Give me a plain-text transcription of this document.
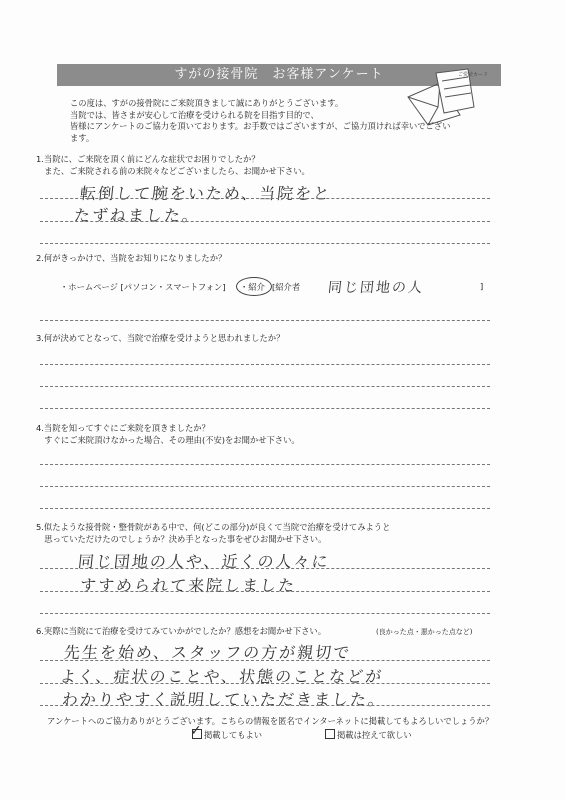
すがの接骨院　お客様アンケート	ご愛読カード
この度は、すがの接骨院にご来院頂きまして誠にありがとうございます。
当院では、皆さまが安心して治療を受けられる院を目指す目的で、
皆様にアンケートのご協力を頂いております。お手数ではございますが、ご協力頂ければ幸いでござい
ます。
1.当院に、ご来院を頂く前にどんな症状でお困りでしたか？
　また、ご来院される前の来院々などございましたら、お聞かせ下さい。
転倒して腕をいため、当院をと
たずねました。
2.何がきっかけで、当院をお知りになりましたか？
・ホームページ [パソコン・スマートフォン] ・紹介 [紹介者 同じ団地の人	]
3.何が決めてとなって、当院で治療を受けようと思われましたか？
4.当院を知ってすぐにご来院を頂きましたか？
　すぐにご来院頂けなかった場合、その理由(不安)をお聞かせ下さい。
5.似たような接骨院・整骨院がある中で、何(どこの部分)が良くて当院で治療を受けてみようと
　思っていただけたのでしょうか？決め手となった事をぜひお聞かせ下さい。
同じ団地の人や、近くの人々に
すすめられて来院しました
6.実際に当院にて治療を受けてみていかがでしたか？感想をお聞かせ下さい。	(良かった点・悪かった点など)
先生を始め、スタッフの方が親切で
よく、症状のことや、状態のことなどが
わかりやすく説明していただきました。
アンケートへのご協力ありがとうございます。こちらの情報を匿名でインターネットに掲載してもよろしいでしょうか？
掲載してもよい
✓	掲載は控えて欲しい
